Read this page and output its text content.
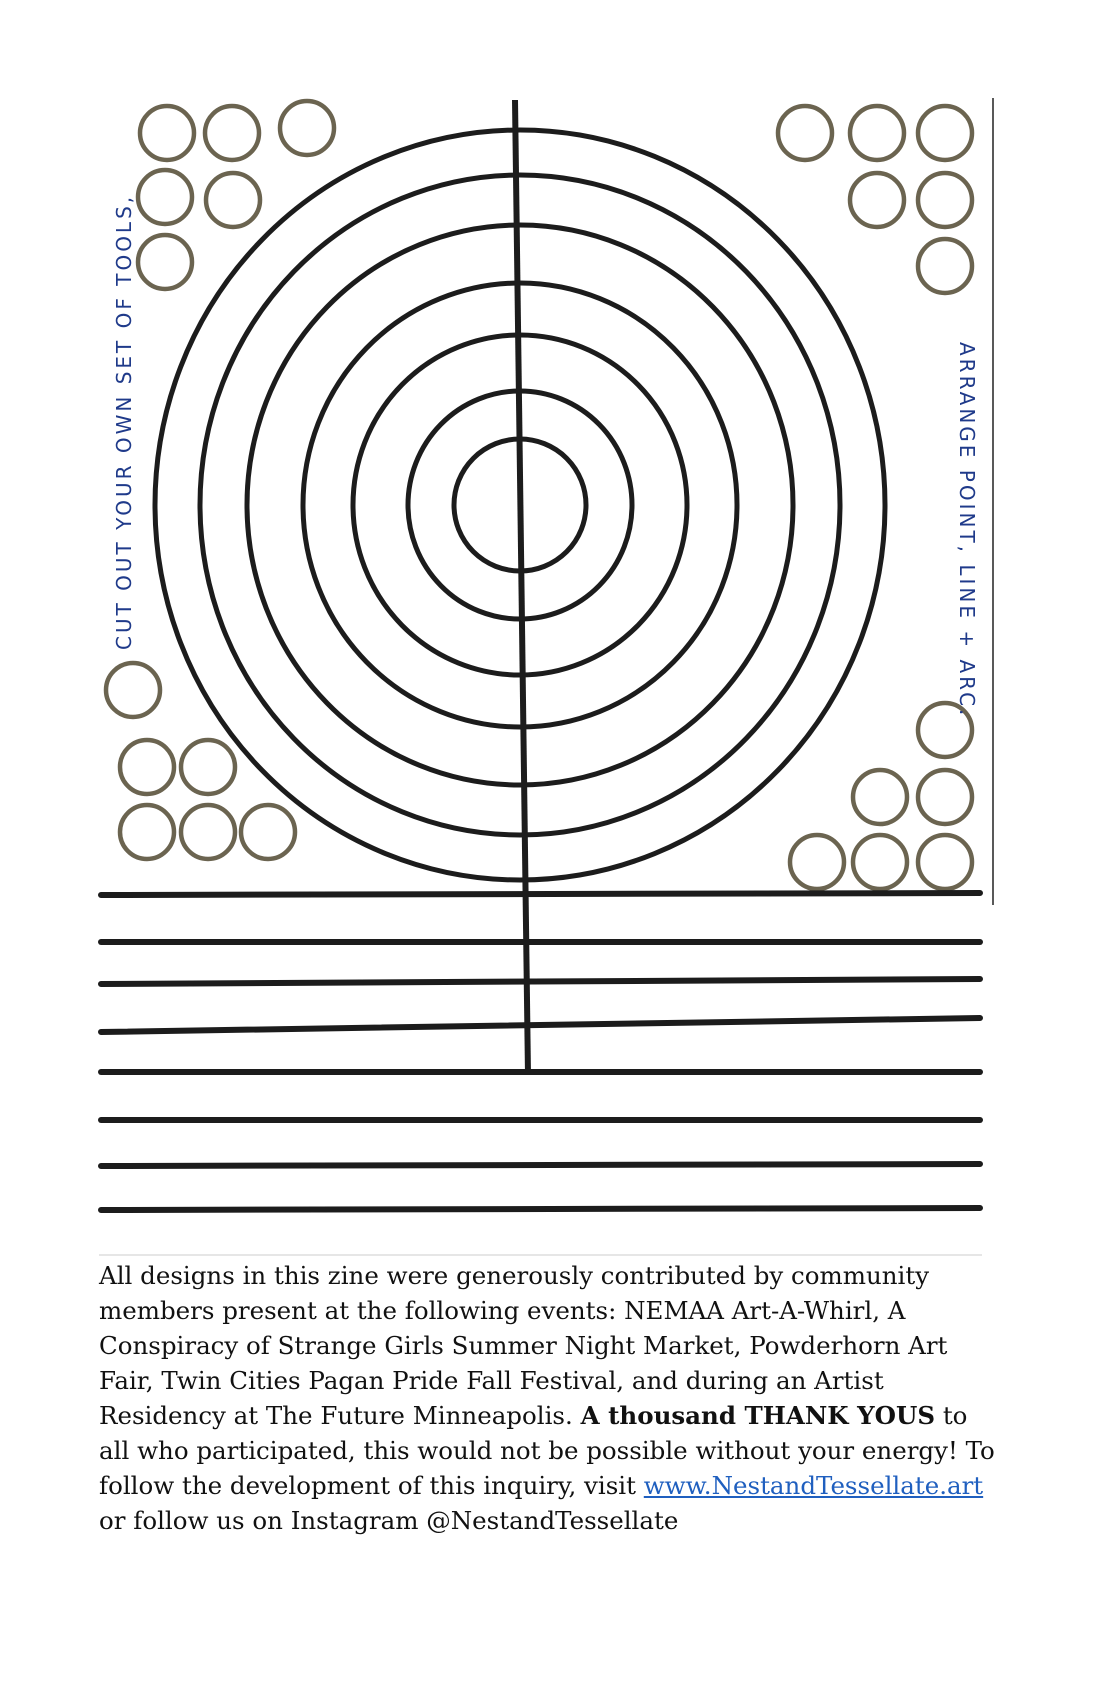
CUT OUT YOUR OWN SET OF TOOLS,	ARRANGE POINT, LINE + ARC.
All designs in this zine were generously contributed by community members present at the following events: NEMAA Art-A-Whirl, A Conspiracy of Strange Girls Summer Night Market, Powderhorn Art Fair, Twin Cities Pagan Pride Fall Festival, and during an Artist Residency at The Future Minneapolis. A thousand THANK YOUS to all who participated, this would not be possible without your energy! To follow the development of this inquiry, visit www.NestandTessellate.art or follow us on Instagram @NestandTessellate
